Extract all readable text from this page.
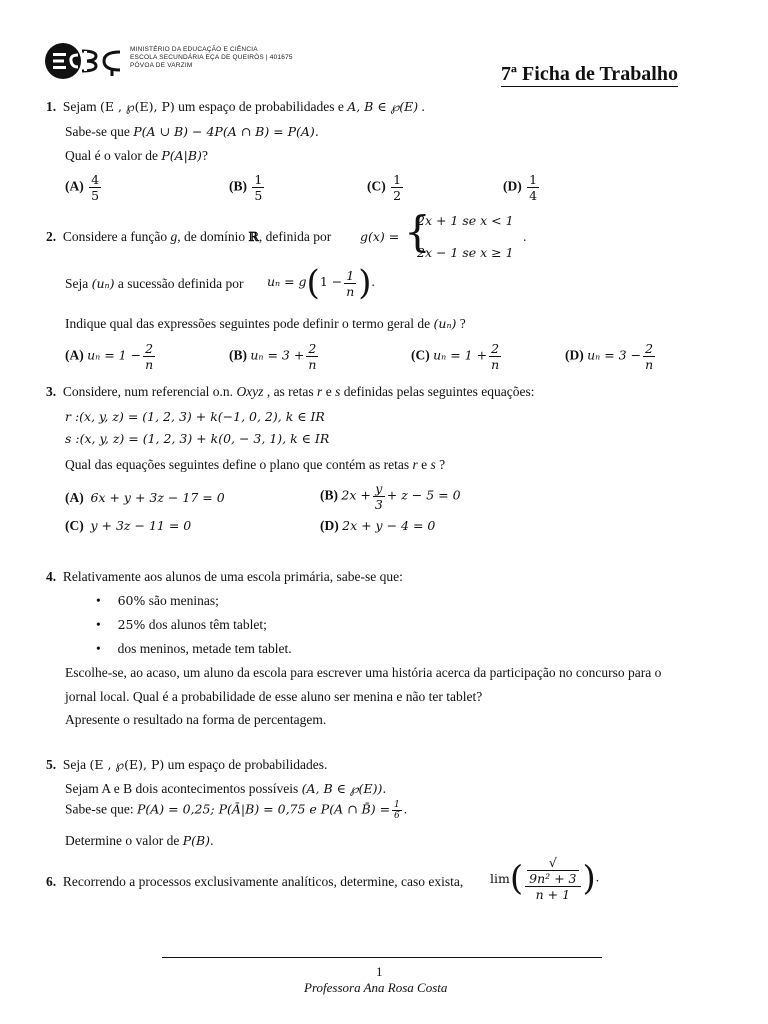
MINISTÉRIO DA EDUCAÇÃO E CIÊNCIA
ESCOLA SECUNDÁRIA EÇA DE QUEIRÓS | 401675
PÓVOA DE VARZIM	7ª Ficha de Trabalho
1. Sejam (E , ℘(E), P) um espaço de probabilidades e A, B ∈ ℘(E) .
Sabe-se que P(A ∪ B) − 4P(A ∩ B) = P(A).
Qual é o valor de P(A|B)?
$(A) \frac{4}{5}$	$(B) \frac{1}{5}$	$(C) \frac{1}{2}$	$(D) \frac{1}{4}$
2. Considere a função g, de domínio ℝ, definida por g(x) = {
2x + 1 se x < 1
2x − 1 se x ≥ 1
.
Seja (uₙ) a sucessão definida por $u_n = g(1 - \frac{1}{n}$ ).
Indique qual das expressões seguintes pode definir o termo geral de (uₙ) ?
(A) $u_n = 1 - \frac{2}{n}$	(B) $u_n = 3 + \frac{2}{n}$	(C) $u_n = 1 + \frac{2}{n}$	(D) $u_n = 3 - \frac{2}{n}$
3. Considere, num referencial o.n. Oxyz , as retas r e s definidas pelas seguintes equações:
r :(x, y, z) = (1, 2, 3) + k(−1, 0, 2), k ∈ IR
s :(x, y, z) = (1, 2, 3) + k(0, − 3, 1), k ∈ IR
Qual das equações seguintes define o plano que contém as retas r e s ?
(A) 6x + y + 3z − 17 = 0	(B) $2x + \frac{y}{3} + z - 5 = 0$
(C) y + 3z − 11 = 0	(D) 2x + y − 4 = 0
4. Relativamente aos alunos de uma escola primária, sabe-se que:
• 60% são meninas;
• 25% dos alunos têm tablet;
• dos meninos, metade tem tablet.
Escolhe-se, ao acaso, um aluno da escola para escrever uma história acerca da participação no concurso para o
jornal local. Qual é a probabilidade de esse aluno ser menina e não ter tablet?
Apresente o resultado na forma de percentagem.
5. Seja (E , ℘(E), P) um espaço de probabilidades.
Sejam A e B dois acontecimentos possíveis (A, B ∈ ℘(E)).
Sabe-se que: P(A) = 0,25; P(Ā|B) = 0,75 e P(A ∩ B̄) = $\frac{1}{6}$ .
Determine o valor de P(B).
6. Recorrendo a processos exclusivamente analíticos, determine, caso exista, lim( √
9n² + 3
n + 1 ).
1
Professora Ana Rosa Costa
